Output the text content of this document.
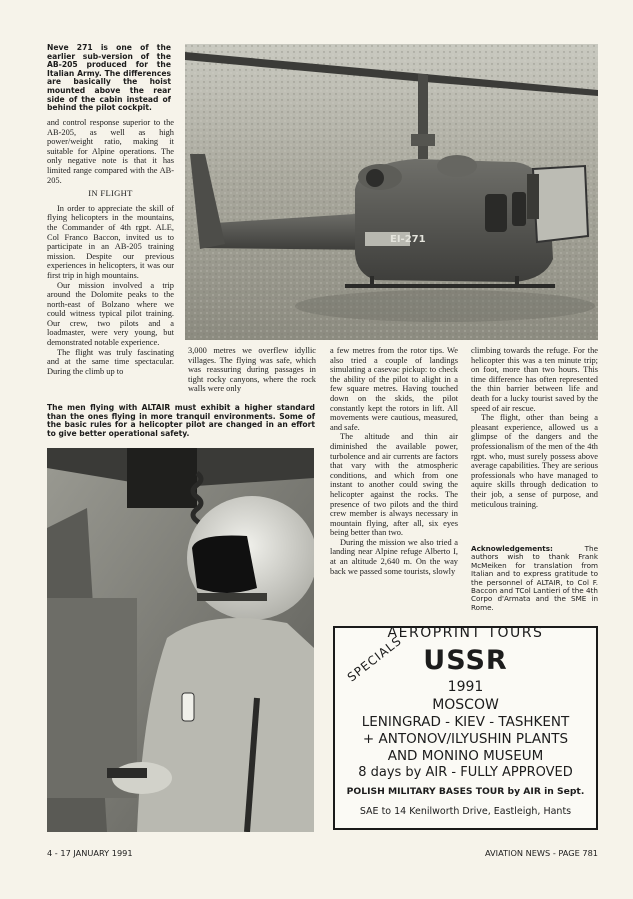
EI-271

Neve 271 is one of the earlier sub-version of the AB-205 produced for the Italian Army. The differences are basically the hoist mounted above the rear side of the cabin instead of behind the pilot cockpit.

and control response superior to the AB-205, as well as high power/weight ratio, making it suitable for Alpine operations. The only negative note is that it has limited range compared with the AB-205.

IN FLIGHT

In order to appreciate the skill of flying helicopters in the mountains, the Commander of 4th rgpt. ALE, Col Franco Baccon, invited us to participate in an AB-205 training mission. Despite our previous experiences in helicopters, it was our first trip in high mountains.

Our mission involved a trip around the Dolomite peaks to the north-east of Bolzano where we could witness typical pilot training. Our crew, two pilots and a loadmaster, were very young, but demonstrated notable experience.

The flight was truly fascinating and at the same time spectacular. During the climb up to

3,000 metres we overflew idyllic villages. The flying was safe, which was reassuring during passages in tight rocky canyons, where the rock walls were only

The men flying with ALTAIR must exhibit a higher standard than the ones flying in more tranquil environments. Some of the basic rules for a helicopter pilot are changed in an effort to give better operational safety.

a few metres from the rotor tips. We also tried a couple of landings simulating a casevac pickup: to check the ability of the pilot to alight in a few square metres. Having touched down on the skids, the pilot constantly kept the rotors in lift. All movements were cautious, measured, and safe.

The altitude and thin air diminished the available power, turbolence and air currents are factors that vary with the atmospheric conditions, and which from one instant to another could swing the helicopter against the rocks. The presence of two pilots and the third crew member is always necessary in mountain flying, after all, six eyes being better than two.

During the mission we also tried a landing near Alpine refuge Alberto I, at an altitude 2,640 m. On the way back we passed some tourists, slowly

climbing towards the refuge. For the helicopter this was a ten minute trip; on foot, more than two hours. This time difference has often represented the thin barrier between life and death for a lucky tourist saved by the speed of air rescue.

The flight, other than being a pleasant experience, allowed us a glimpse of the dangers and the professionalism of the men of the 4th rgpt. who, must surely possess above average capabilities. They are serious professionals who have managed to aquire skills through dedication to their job, a sense of purpose, and meticulous training.

Acknowledgements:	The authors wish to thank Frank McMeiken for translation from Italian and to express gratitude to the personnel of ALTAIR, to Col F. Baccon and TCol Lantieri of the 4th Corpo d'Armata and the SME in Rome.
AEROPRINT TOURS
SPECIALS USSR
1991
MOSCOW
LENINGRAD - KIEV - TASHKENT
+ ANTONOV/ILYUSHIN PLANTS
AND MONINO MUSEUM
8 days by AIR - FULLY APPROVED
POLISH MILITARY BASES TOUR by AIR in Sept.
SAE to 14 Kenilworth Drive, Eastleigh, Hants
4 - 17 JANUARY 1991	AVIATION NEWS - PAGE 781
